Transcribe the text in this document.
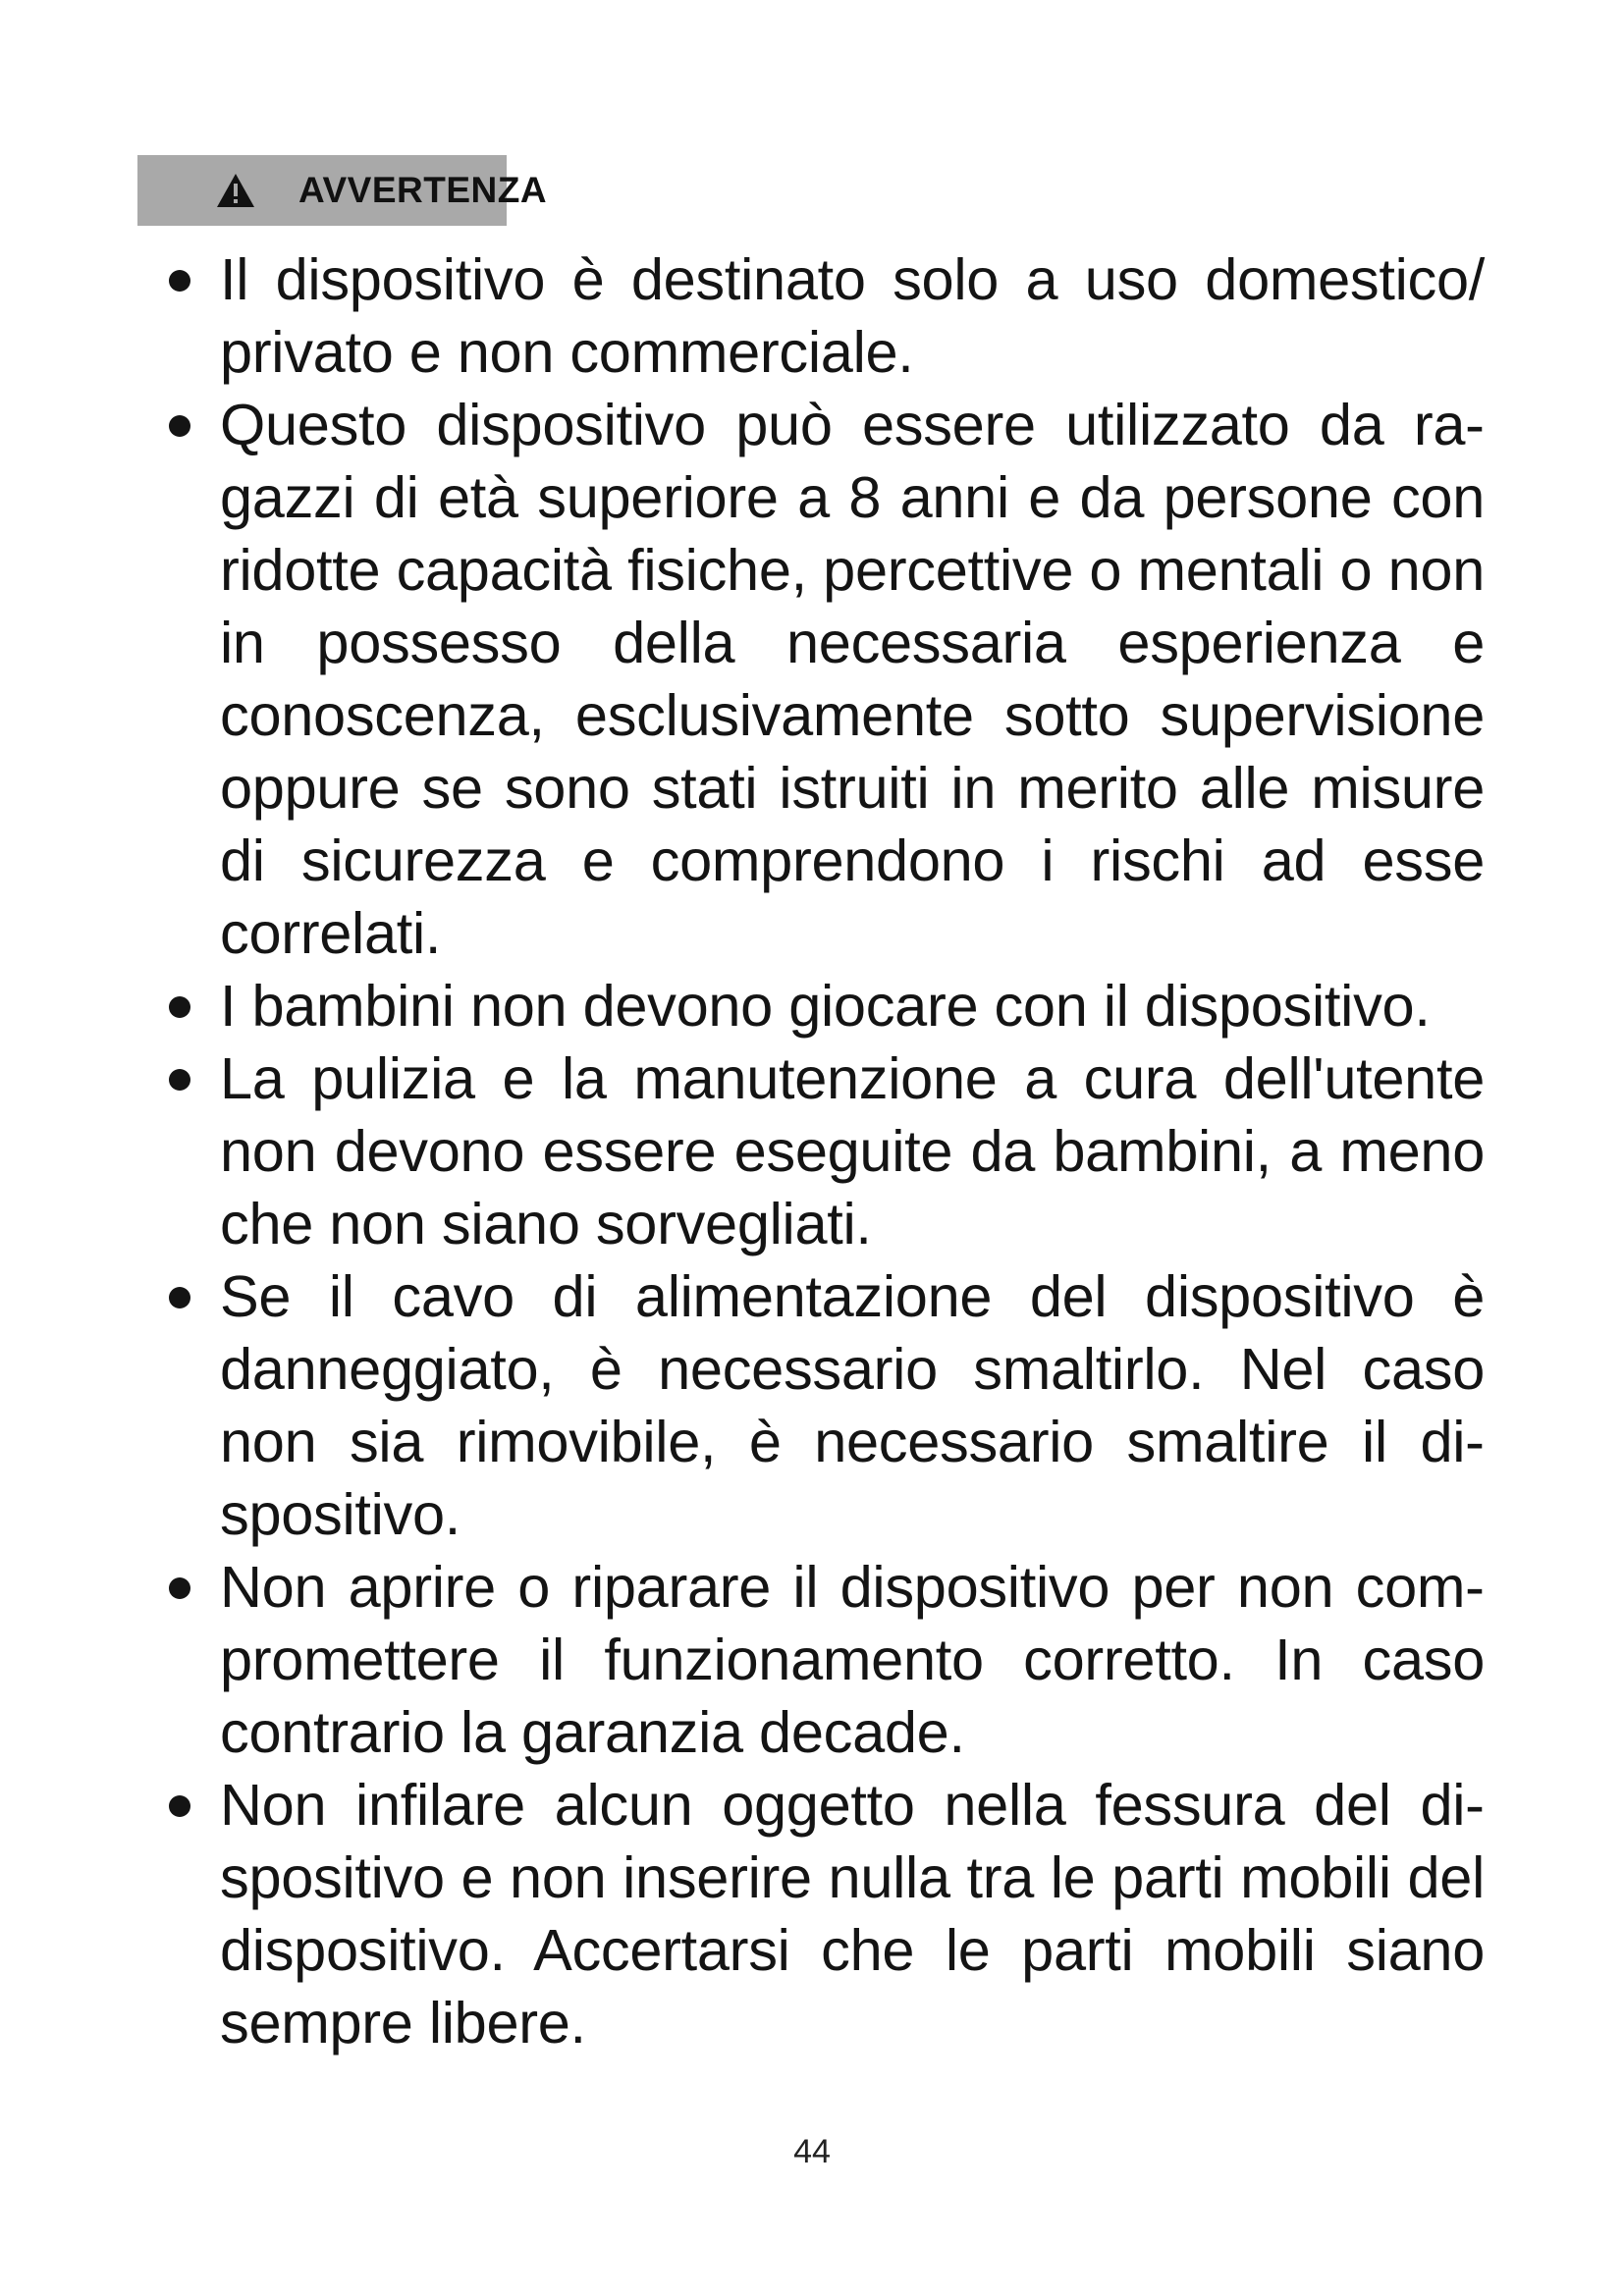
AVVERTENZA
Il dispositivo è destinato solo a uso domestico/ privato e non commerciale.
Questo dispositivo può essere utilizzato da ragazzi di età superiore a 8 anni e da persone con ridotte capacità fisiche, percettive o mentali o non in possesso della necessaria esperienza e conoscenza, esclusivamente sotto supervisione oppure se sono stati istruiti in merito alle misure di sicurezza e comprendono i rischi ad esse correlati.
I bambini non devono giocare con il dispositivo.
La pulizia e la manutenzione a cura dell'utente non devono essere eseguite da bambini, a meno che non siano sorvegliati.
Se il cavo di alimentazione del dispositivo è danneggiato, è necessario smaltirlo. Nel caso non sia rimovibile, è necessario smaltire il dispositivo.
Non aprire o riparare il dispositivo per non compromettere il funzionamento corretto. In caso contrario la garanzia decade.
Non infilare alcun oggetto nella fessura del dispositivo e non inserire nulla tra le parti mobili del dispositivo. Accertarsi che le parti mobili siano sempre libere.
44
